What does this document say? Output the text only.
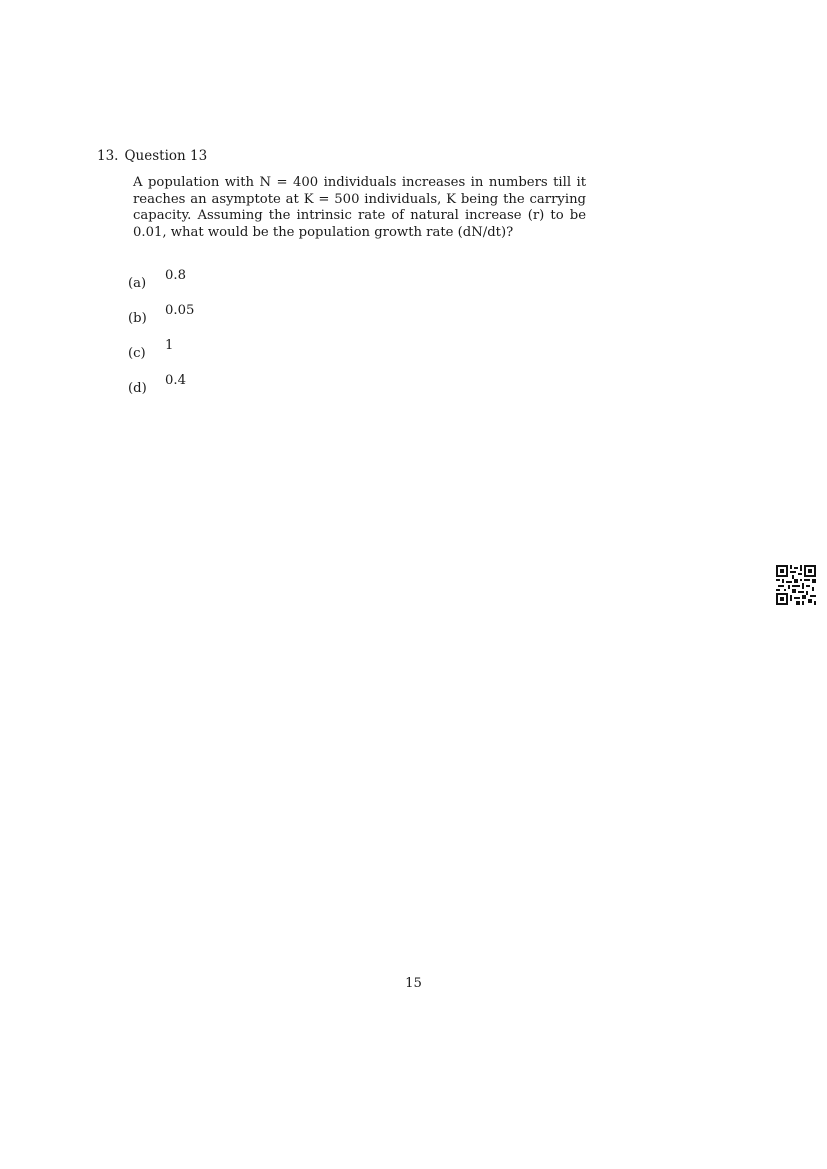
13. Question 13
A population with N = 400 individuals increases in numbers till it reaches an asymptote at K = 500 individuals, K being the carrying capacity. Assuming the intrinsic rate of natural increase (r) to be 0.01, what would be the population growth rate (dN/dt)?
(a)
0.8
(b)
0.05
(c)
1
(d)
0.4
15
